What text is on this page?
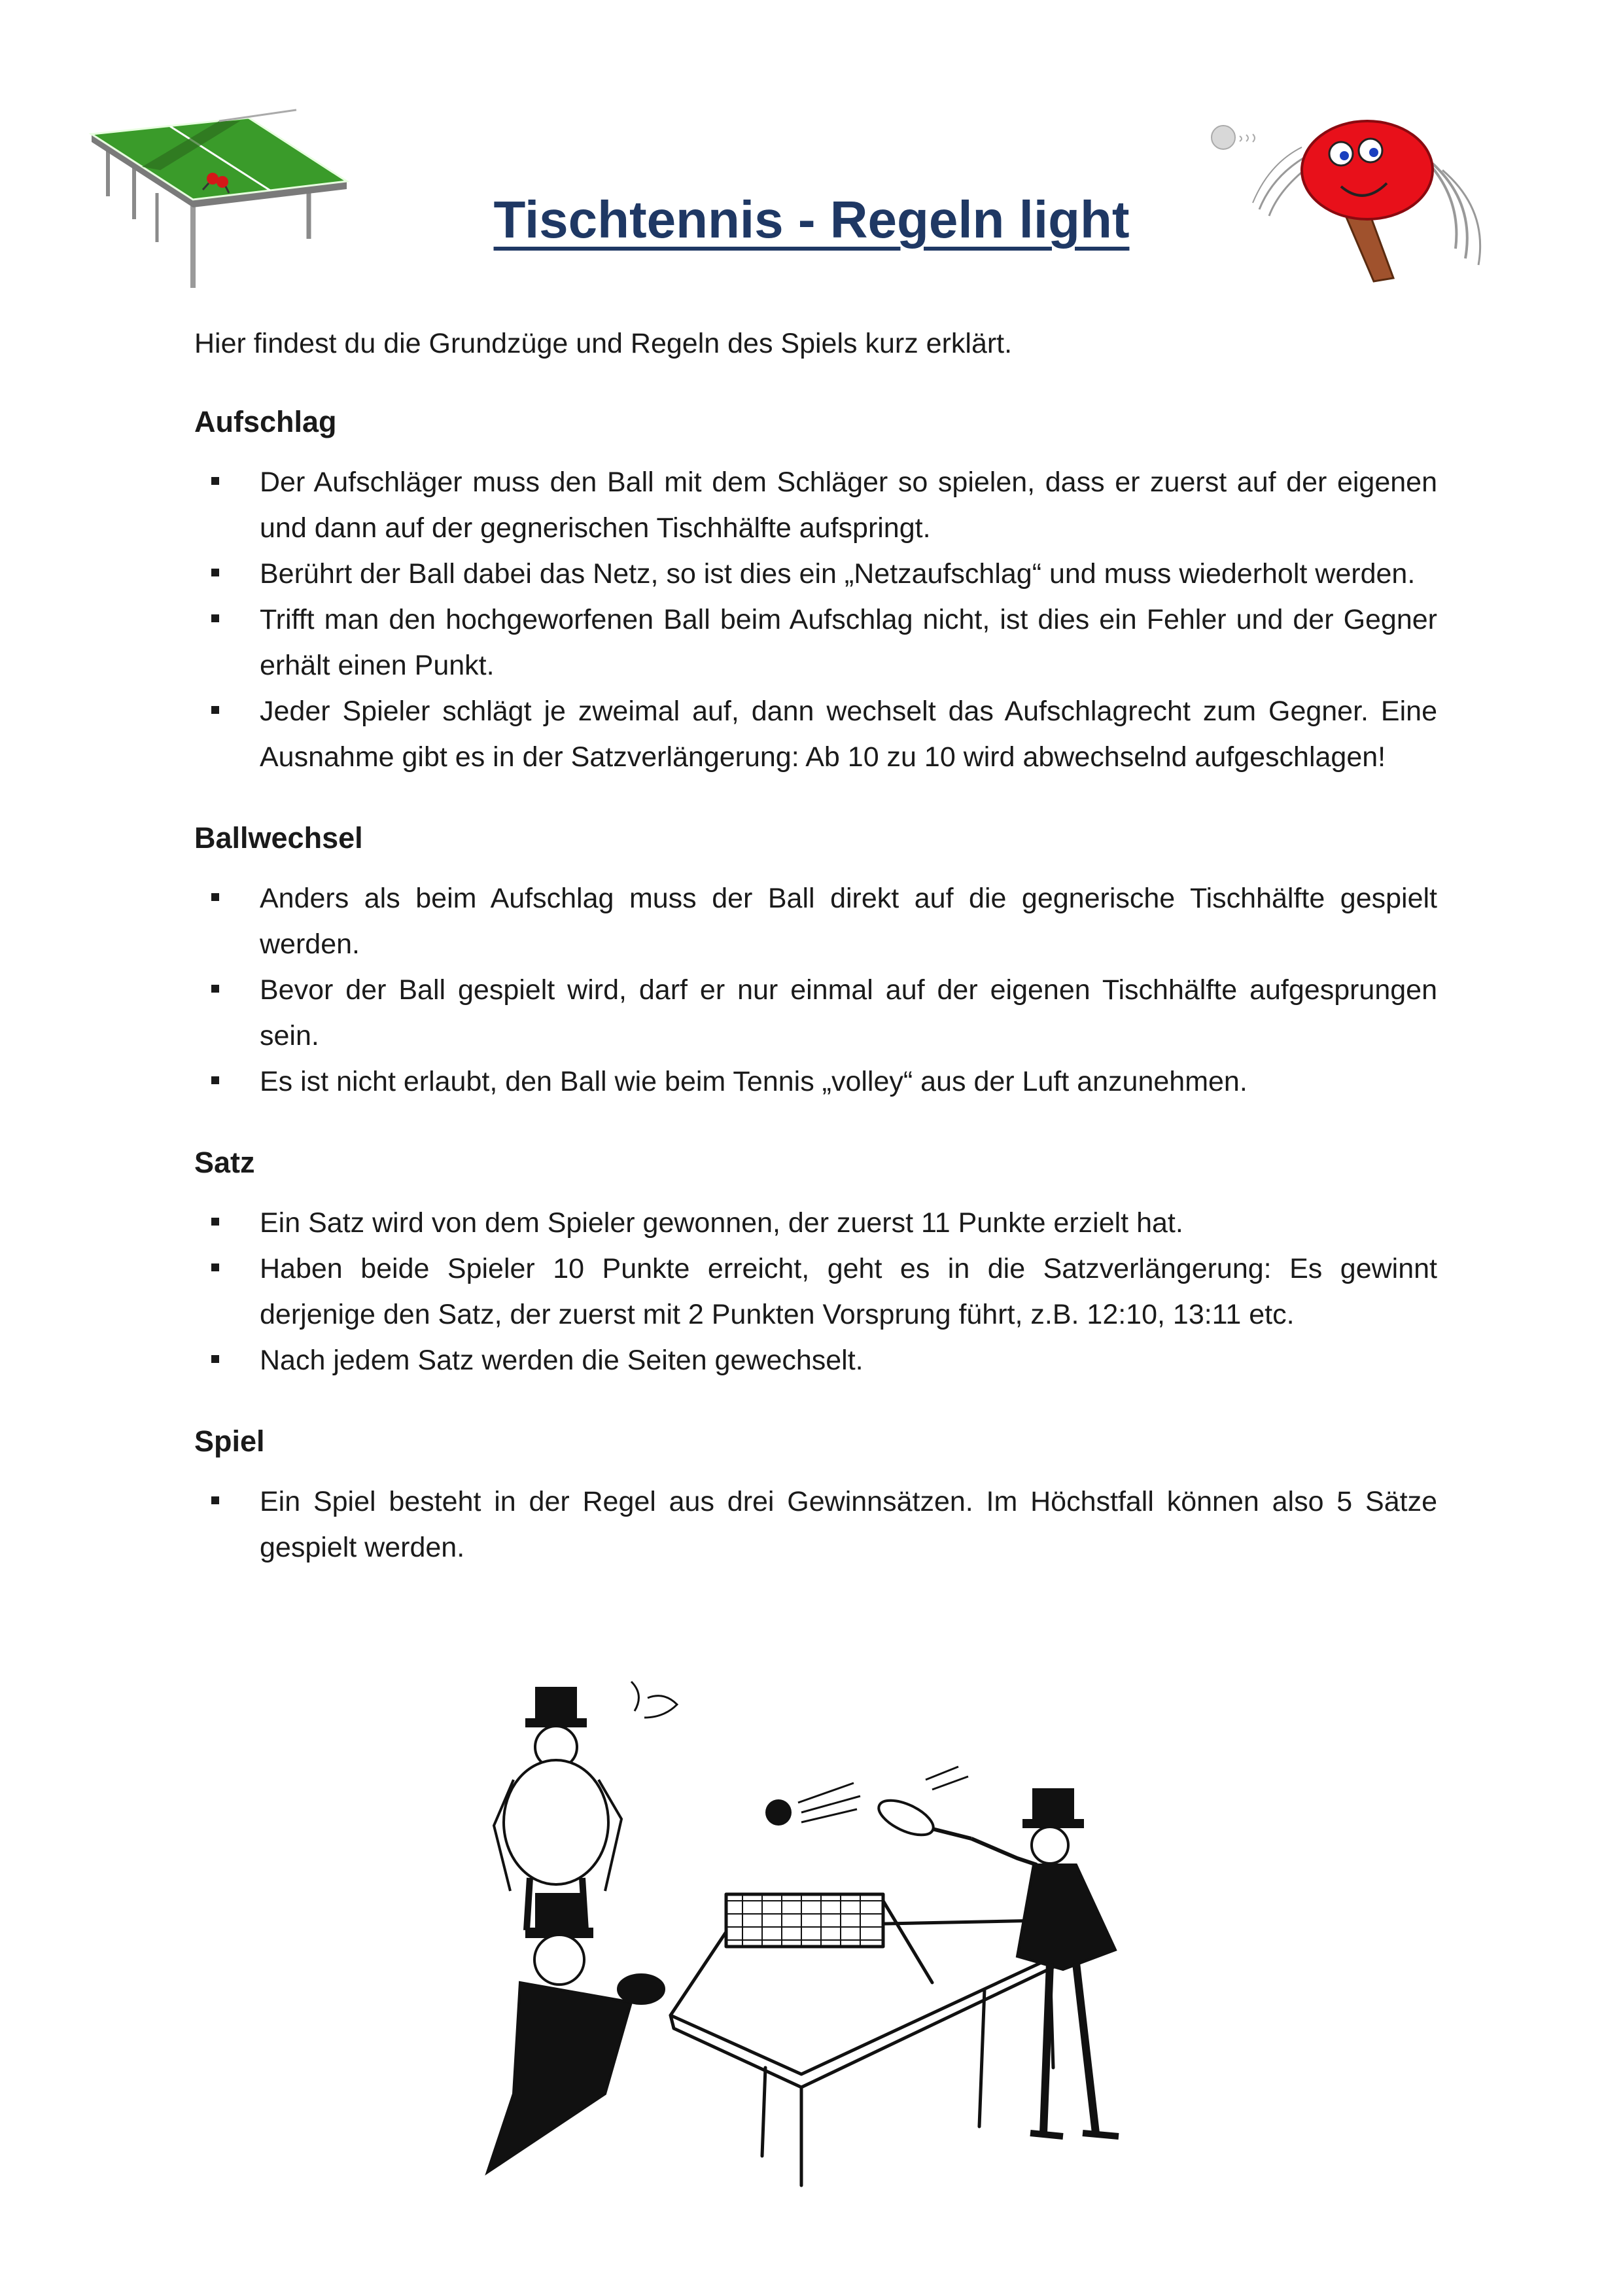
Tischtennis - Regeln light

Hier findest du die Grundzüge und Regeln des Spiels kurz erklärt.

Aufschlag
Der Aufschläger muss den Ball mit dem Schläger so spielen, dass er zuerst auf der eigenen und dann auf der gegnerischen Tischhälfte aufspringt.
Berührt der Ball dabei das Netz, so ist dies ein „Netzaufschlag“ und muss wiederholt werden.
Trifft man den hochgeworfenen Ball beim Aufschlag nicht, ist dies ein Fehler und der Gegner erhält einen Punkt.
Jeder Spieler schlägt je zweimal auf, dann wechselt das Aufschlagrecht zum Gegner. Eine Ausnahme gibt es in der Satzverlängerung: Ab 10 zu 10 wird abwechselnd aufgeschlagen!
Ballwechsel
Anders als beim Aufschlag muss der Ball direkt auf die gegnerische Tischhälfte gespielt werden.
Bevor der Ball gespielt wird, darf er nur einmal auf der eigenen Tischhälfte aufgesprungen sein.
Es ist nicht erlaubt, den Ball wie beim Tennis „volley“ aus der Luft anzunehmen.
Satz
Ein Satz wird von dem Spieler gewonnen, der zuerst 11 Punkte erzielt hat.
Haben beide Spieler 10 Punkte erreicht, geht es in die Satzverlängerung: Es gewinnt derjenige den Satz, der zuerst mit 2 Punkten Vorsprung führt, z.B. 12:10, 13:11 etc.
Nach jedem Satz werden die Seiten gewechselt.
Spiel
Ein Spiel besteht in der Regel aus drei Gewinnsätzen. Im Höchstfall können also 5 Sätze gespielt werden.
